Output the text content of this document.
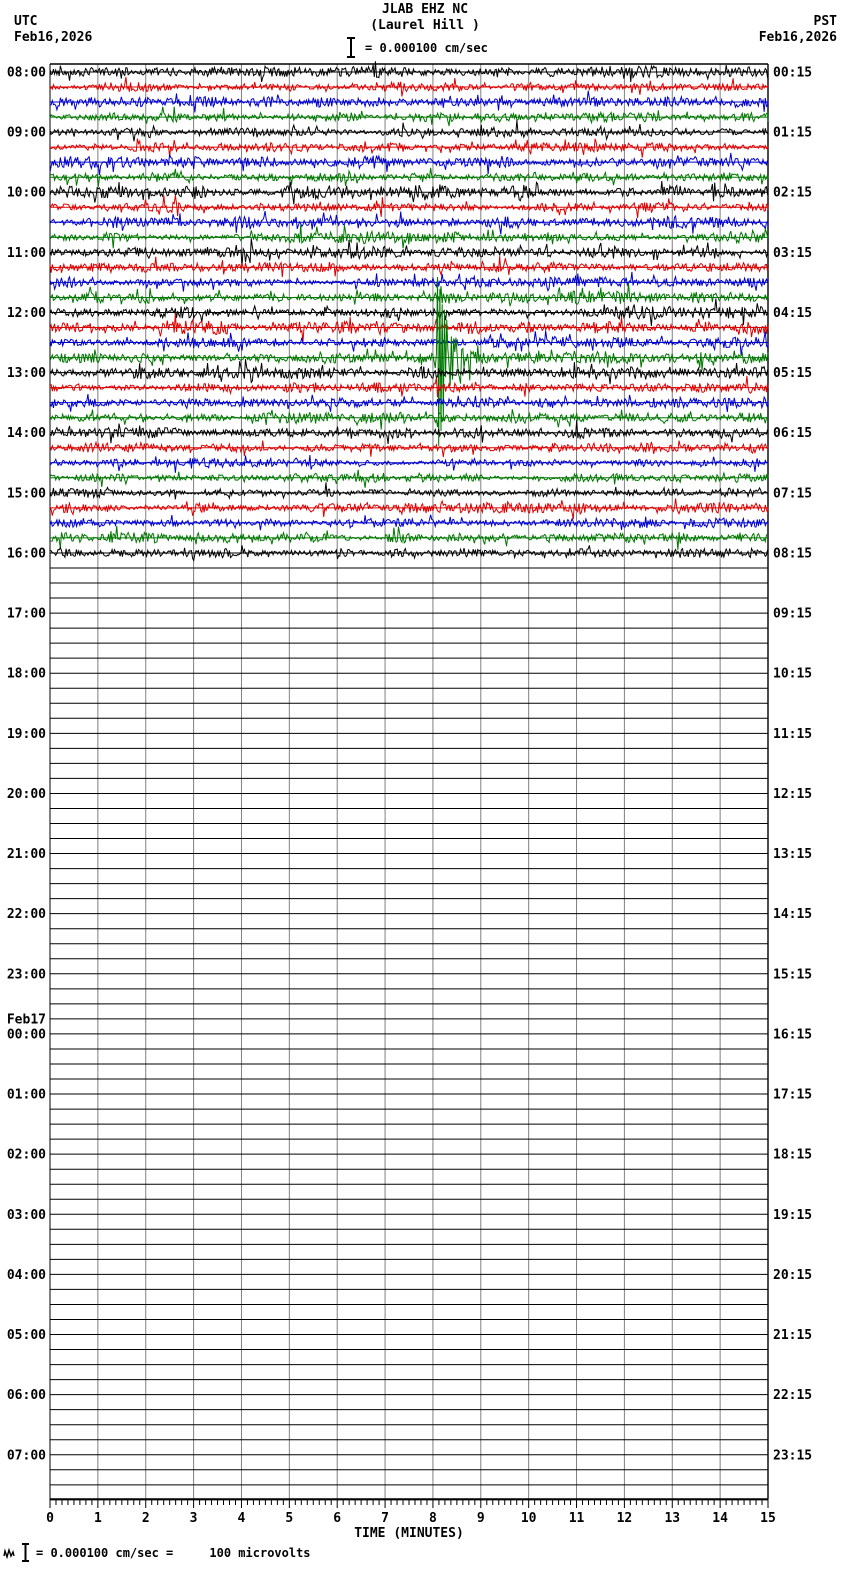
UTC
Feb16,2026
JLAB EHZ NC
(Laurel Hill )
= 0.000100 cm/sec
PST
Feb16,2026
0	1	2	3	4	5	6	7	8	9	10 11 12 13 14 15
08:00
09:00
10:00
11:00
12:00
13:00
14:00
15:00
16:00
17:00
18:00
19:00
20:00
21:00
22:00
23:00
Feb17
00:00
01:00
02:00
03:00
04:00
05:00
06:00
07:00
00:15
01:15
02:15
03:15
04:15
05:15
06:15
07:15
08:15
09:15
10:15
11:15
12:15
13:15
14:15
15:15
16:15
17:15
18:15
19:15
20:15
21:15
22:15
23:15
TIME (MINUTES)
= 0.000100 cm/sec =     100 microvolts
